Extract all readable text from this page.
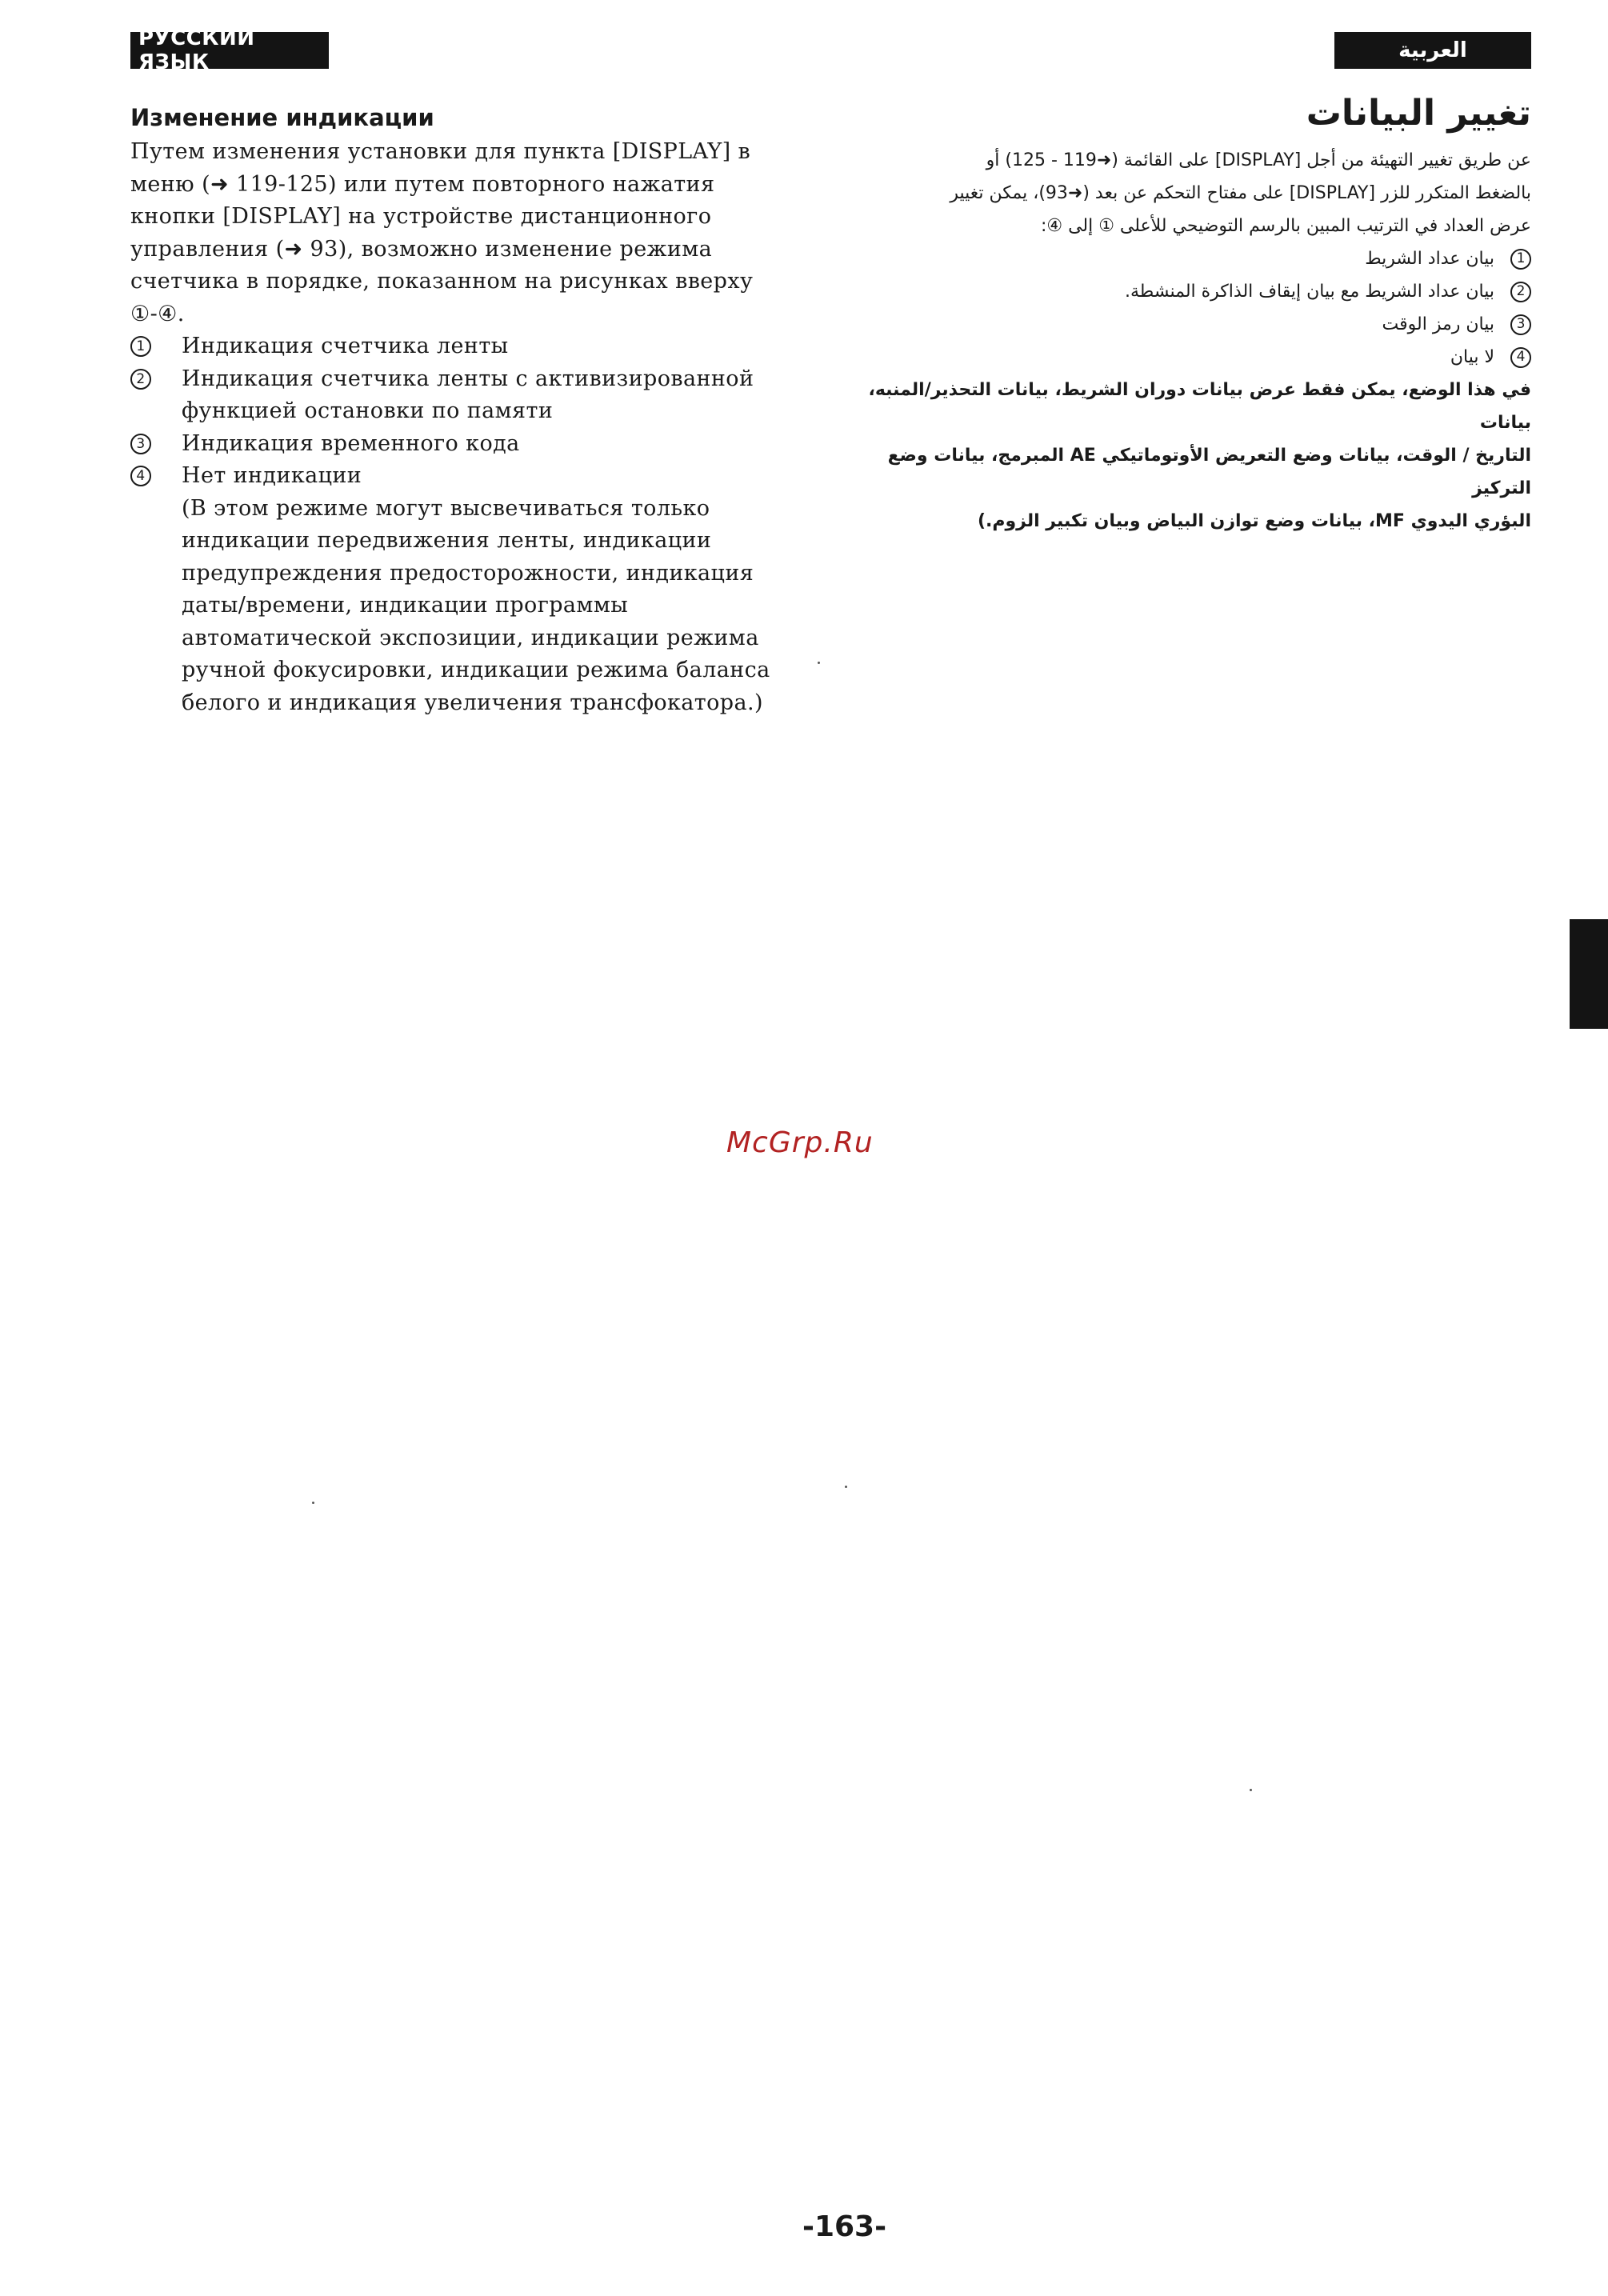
РУССКИЙ ЯЗЫК	العربية
Изменение индикации

Путем изменения установки для пункта [DISPLAY] в меню (➜ 119-125) или путем повторного нажатия кнопки [DISPLAY] на устройстве дистанционного управления (➜ 93), возможно изменение режима счетчика в порядке, показанном на рисунках вверху ①-④.

1	Индикация счетчика ленты
2	Индикация счетчика ленты с активизированной функцией остановки по памяти
3	Индикация временного кода
4	Нет индикации
(В этом режиме могут высвечиваться только индикации передвижения ленты, индикации предупреждения предосторожности, индикация даты/времени, индикации программы автоматической экспозиции, индикации режима ручной фокусировки, индикации режима баланса белого и индикация увеличения трансфокатора.)
تغيير البيانات

عن طريق تغيير التهيئة من أجل [DISPLAY] على القائمة (➜119 - 125) أو
بالضغط المتكرر للزر [DISPLAY] على مفتاح التحكم عن بعد (➜93)، يمكن تغيير
عرض العداد في الترتيب المبين بالرسم التوضيحي للأعلى ① إلى ④:

1
بيان عداد الشريط
2
بيان عداد الشريط مع بيان إيقاف الذاكرة المنشطة.
3
بيان رمز الوقت
4
لا بيان

في هذا الوضع، يمكن فقط عرض بيانات دوران الشريط، بيانات التحذير/المنبه، بيانات
التاريخ / الوقت، بيانات وضع التعريض الأوتوماتيكي AE المبرمج، بيانات وضع التركيز
البؤري اليدوي MF، بيانات وضع توازن البياض وبيان تكبير الزوم.)

McGrp.Ru
-163-
